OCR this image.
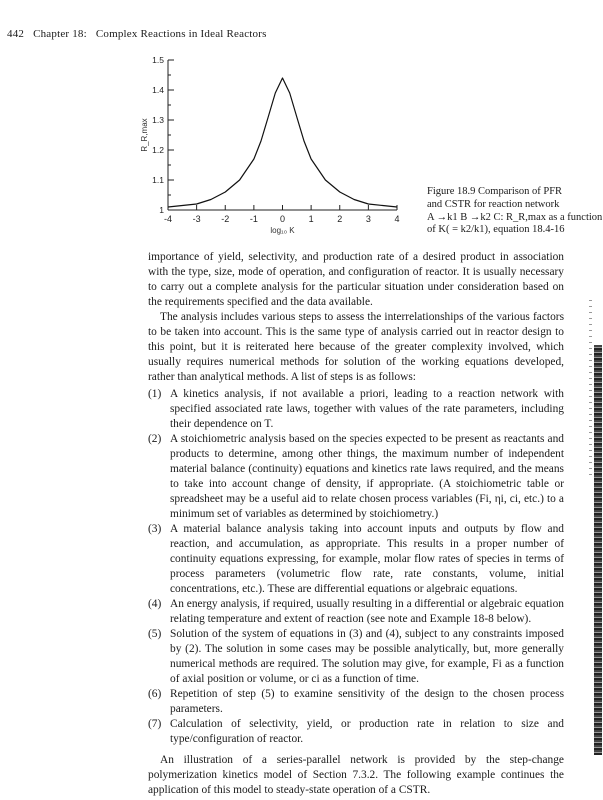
442 Chapter 18: Complex Reactions in Ideal Reactors
log₁₀ K
R_R,max
-4 -3 -2 -1 0	1	2	3	4
1
1.1
1.2
1.3
1.4
1.5
Figure 18.9 Comparison of PFR
and CSTR for reaction network
A →k1 B →k2 C: R_R,max as a function
of K( = k2/k1), equation 18.4-16

importance of yield, selectivity, and production rate of a desired product in association with the type, size, mode of operation, and configuration of reactor. It is usually necessary to carry out a complete analysis for the particular situation under consideration based on the requirements specified and the data available.

The analysis includes various steps to assess the interrelationships of the various factors to be taken into account. This is the same type of analysis carried out in reactor design to this point, but it is reiterated here because of the greater complexity involved, which usually requires numerical methods for solution of the working equations developed, rather than analytical methods. A list of steps is as follows:

(1) A kinetics analysis, if not available a priori, leading to a reaction network with specified associated rate laws, together with values of the rate parameters, including their dependence on T.
(2) A stoichiometric analysis based on the species expected to be present as reactants and products to determine, among other things, the maximum number of independent material balance (continuity) equations and kinetics rate laws required, and the means to take into account change of density, if appropriate. (A stoichiometric table or spreadsheet may be a useful aid to relate chosen process variables (Fi, ηi, ci, etc.) to a minimum set of variables as determined by stoichiometry.)
(3) A material balance analysis taking into account inputs and outputs by flow and reaction, and accumulation, as appropriate. This results in a proper number of continuity equations expressing, for example, molar flow rates of species in terms of process parameters (volumetric flow rate, rate constants, volume, initial concentrations, etc.). These are differential equations or algebraic equations.
(4) An energy analysis, if required, usually resulting in a differential or algebraic equation relating temperature and extent of reaction (see note and Example 18-8 below).
(5) Solution of the system of equations in (3) and (4), subject to any constraints imposed by (2). The solution in some cases may be possible analytically, but, more generally numerical methods are required. The solution may give, for example, Fi as a function of axial position or volume, or ci as a function of time.
(6) Repetition of step (5) to examine sensitivity of the design to the chosen process parameters.
(7) Calculation of selectivity, yield, or production rate in relation to size and type/configuration of reactor.

An illustration of a series-parallel network is provided by the step-change polymerization kinetics model of Section 7.3.2. The following example continues the application of this model to steady-state operation of a CSTR.
